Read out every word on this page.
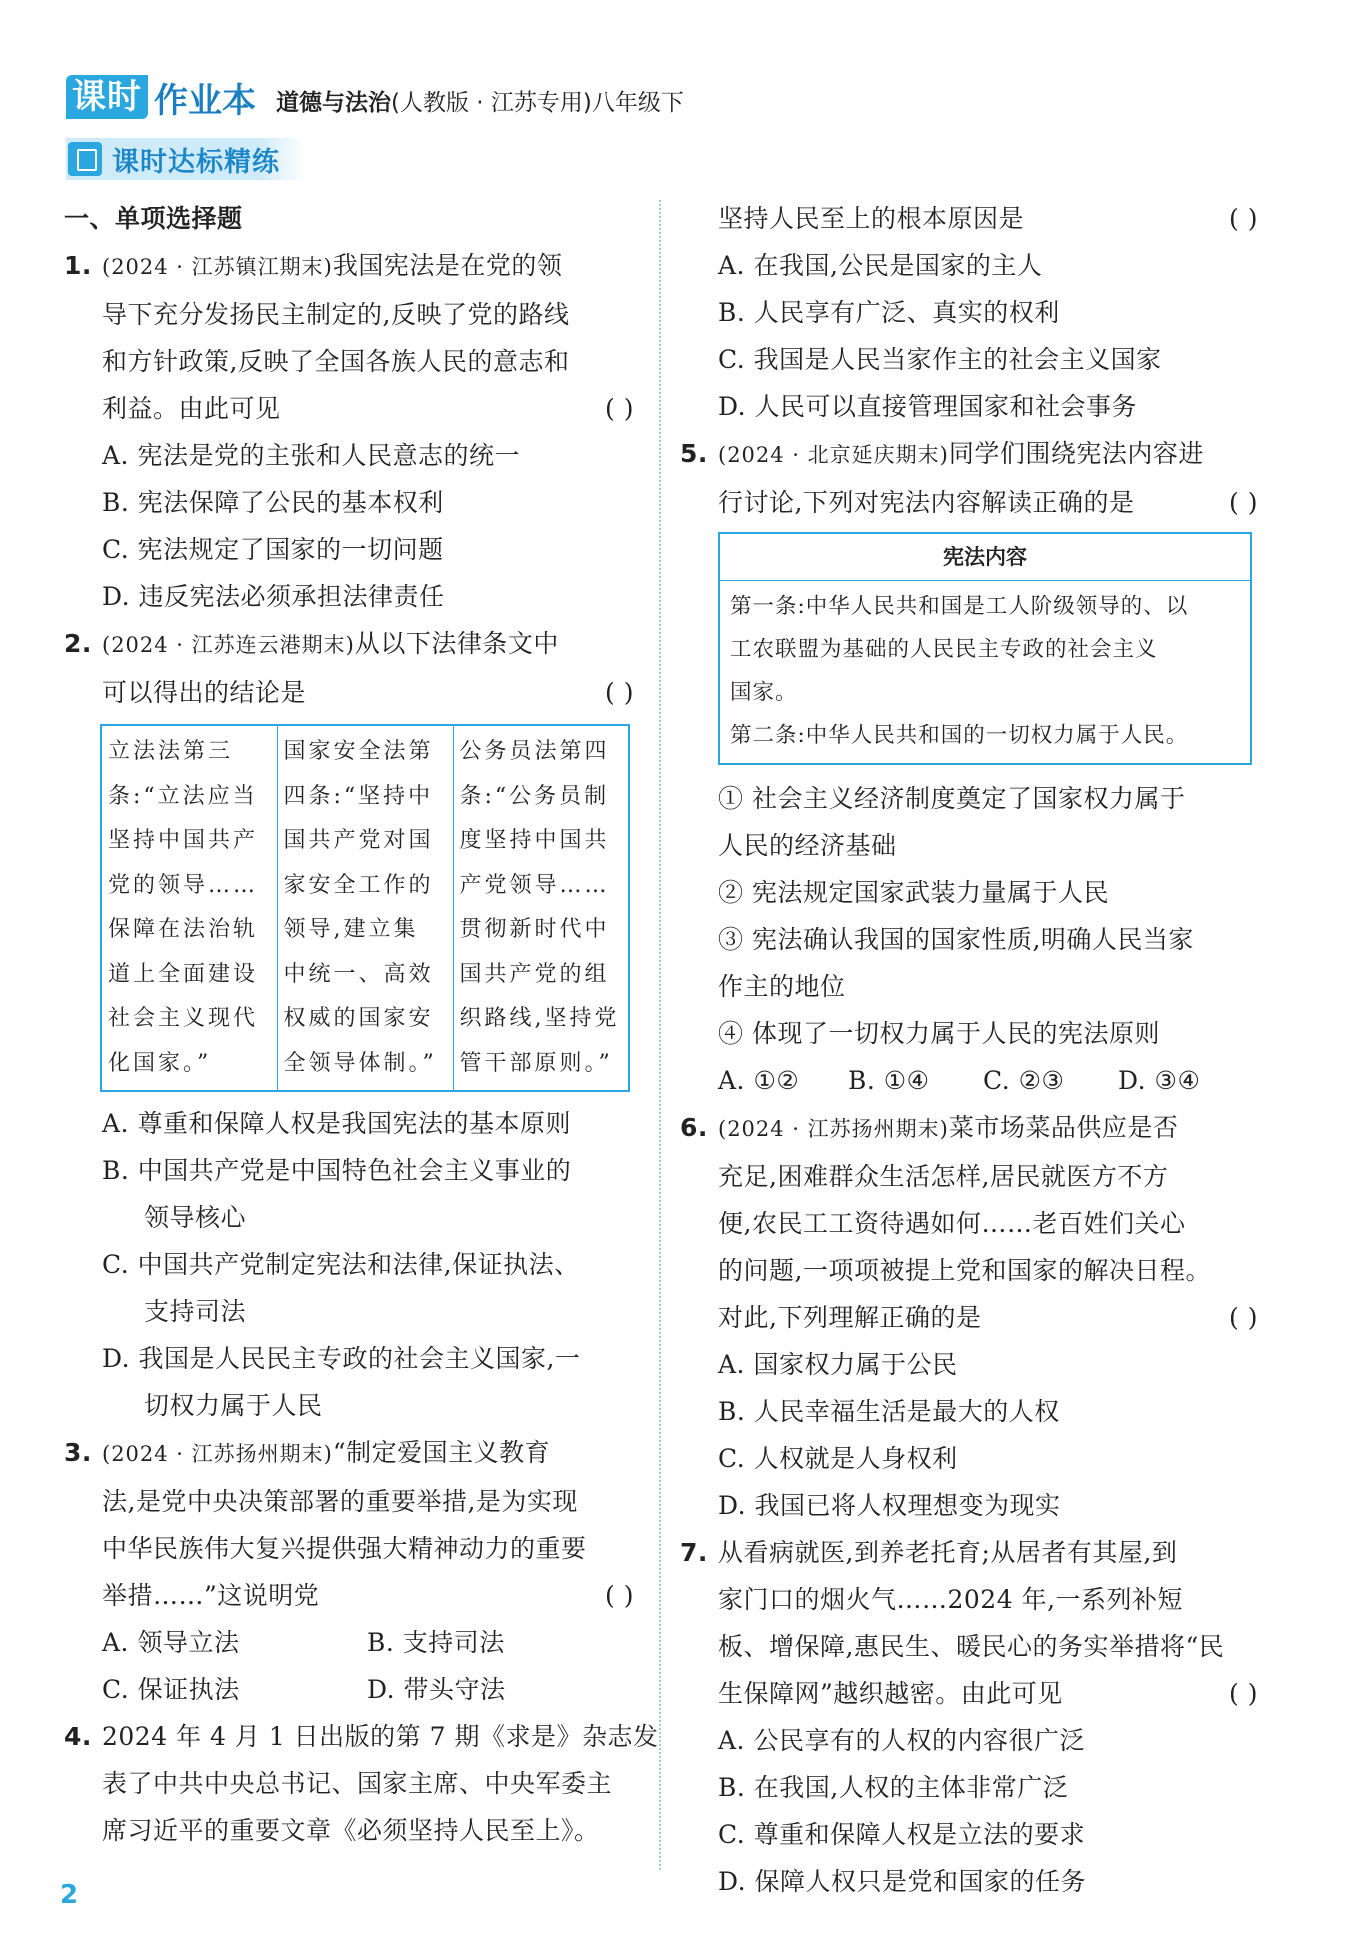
课时 作业本 道德与法治(人教版 · 江苏专用)八年级下
课时达标精练
一、单项选择题
1. (2024 · 江苏镇江期末)我国宪法是在党的领
导下充分发扬民主制定的,反映了党的路线
和方针政策,反映了全国各族人民的意志和
利益。由此可见	( )
A. 宪法是党的主张和人民意志的统一
B. 宪法保障了公民的基本权利
C. 宪法规定了国家的一切问题
D. 违反宪法必须承担法律责任
2. (2024 · 江苏连云港期末)从以下法律条文中
可以得出的结论是	( )
立法法第三
条:“立法应当
坚持中国共产
党的领导……
保障在法治轨
道上全面建设
社会主义现代
化国家。”

国家安全法第
四条:“坚持中
国共产党对国
家安全工作的
领导,建立集
中统一、高效
权威的国家安
全领导体制。”

公务员法第四
条:“公务员制
度坚持中国共
产党领导……
贯彻新时代中
国共产党的组
织路线,坚持党
管干部原则。”
A. 尊重和保障人权是我国宪法的基本原则
B. 中国共产党是中国特色社会主义事业的
领导核心
C. 中国共产党制定宪法和法律,保证执法、
支持司法
D. 我国是人民民主专政的社会主义国家,一
切权力属于人民
3. (2024 · 江苏扬州期末)“制定爱国主义教育
法,是党中央决策部署的重要举措,是为实现
中华民族伟大复兴提供强大精神动力的重要
举措……”这说明党	( )
A. 领导立法	B. 支持司法
C. 保证执法	D. 带头守法
4. 2024 年 4 月 1 日出版的第 7 期《求是》杂志发
表了中共中央总书记、国家主席、中央军委主
席习近平的重要文章《必须坚持人民至上》。
坚持人民至上的根本原因是	( )
A. 在我国,公民是国家的主人
B. 人民享有广泛、真实的权利
C. 我国是人民当家作主的社会主义国家
D. 人民可以直接管理国家和社会事务
5. (2024 · 北京延庆期末)同学们围绕宪法内容进
行讨论,下列对宪法内容解读正确的是	( )
宪法内容
第一条:中华人民共和国是工人阶级领导的、以
工农联盟为基础的人民民主专政的社会主义
国家。
第二条:中华人民共和国的一切权力属于人民。
① 社会主义经济制度奠定了国家权力属于
人民的经济基础
② 宪法规定国家武装力量属于人民
③ 宪法确认我国的国家性质,明确人民当家
作主的地位
④ 体现了一切权力属于人民的宪法原则
A. ①②	B. ①④	C. ②③	D. ③④
6. (2024 · 江苏扬州期末)菜市场菜品供应是否
充足,困难群众生活怎样,居民就医方不方
便,农民工工资待遇如何……老百姓们关心
的问题,一项项被提上党和国家的解决日程。
对此,下列理解正确的是	( )
A. 国家权力属于公民
B. 人民幸福生活是最大的人权
C. 人权就是人身权利
D. 我国已将人权理想变为现实
7. 从看病就医,到养老托育;从居者有其屋,到
家门口的烟火气……2024 年,一系列补短
板、增保障,惠民生、暖民心的务实举措将“民
生保障网”越织越密。由此可见	( )
A. 公民享有的人权的内容很广泛
B. 在我国,人权的主体非常广泛
C. 尊重和保障人权是立法的要求
D. 保障人权只是党和国家的任务
2
